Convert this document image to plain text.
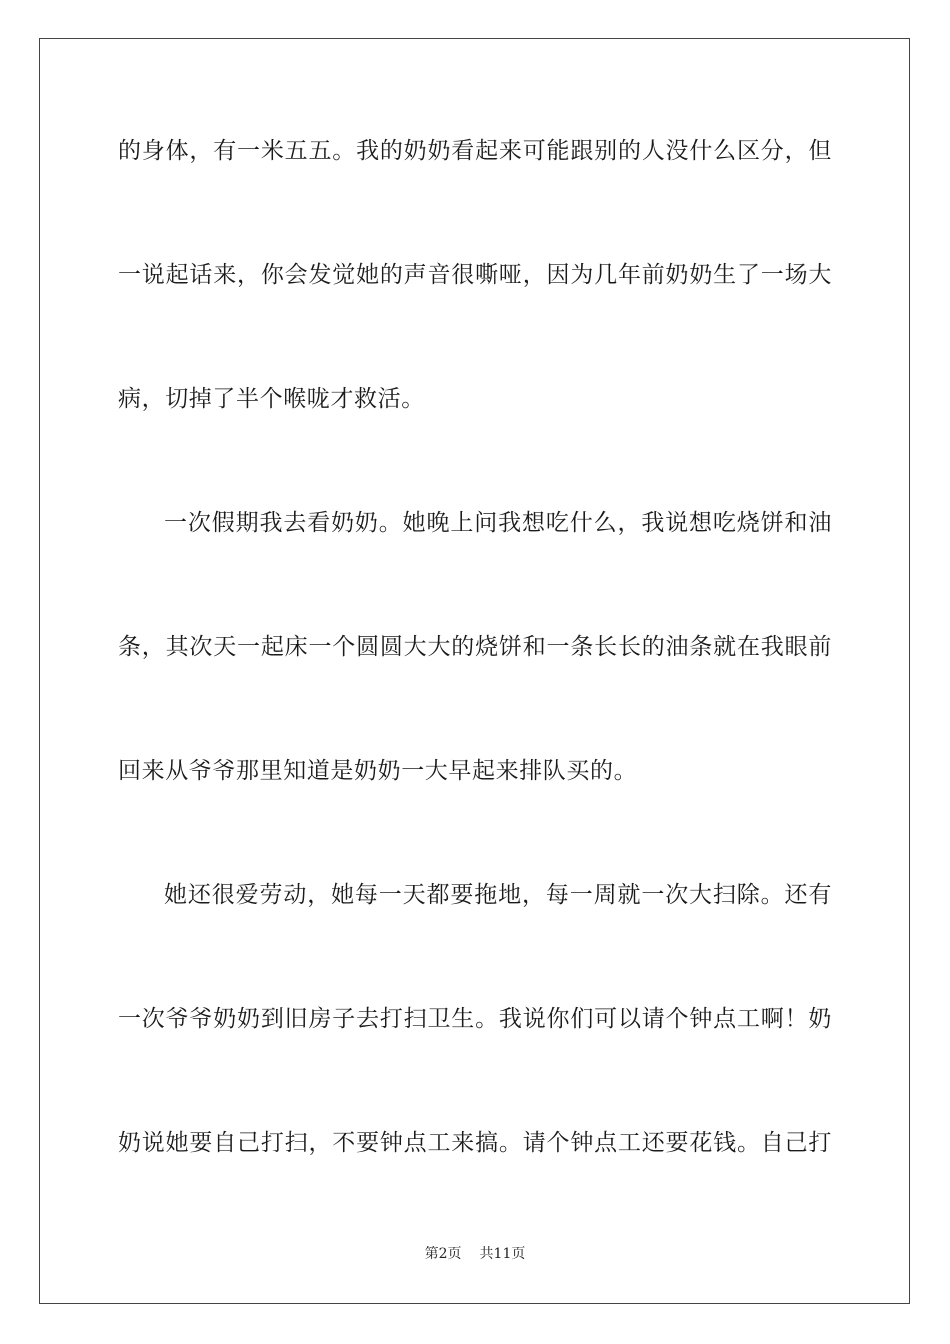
的身体，有一米五五。我的奶奶看起来可能跟别的人没什么区分，但
一说起话来，你会发觉她的声音很嘶哑，因为几年前奶奶生了一场大
病，切掉了半个喉咙才救活。
一次假期我去看奶奶。她晚上问我想吃什么，我说想吃烧饼和油
条，其次天一起床一个圆圆大大的烧饼和一条长长的油条就在我眼前
回来从爷爷那里知道是奶奶一大早起来排队买的。
她还很爱劳动，她每一天都要拖地，每一周就一次大扫除。还有
一次爷爷奶奶到旧房子去打扫卫生。我说你们可以请个钟点工啊！奶
奶说她要自己打扫，不要钟点工来搞。请个钟点工还要花钱。自己打
第2页 共11页
